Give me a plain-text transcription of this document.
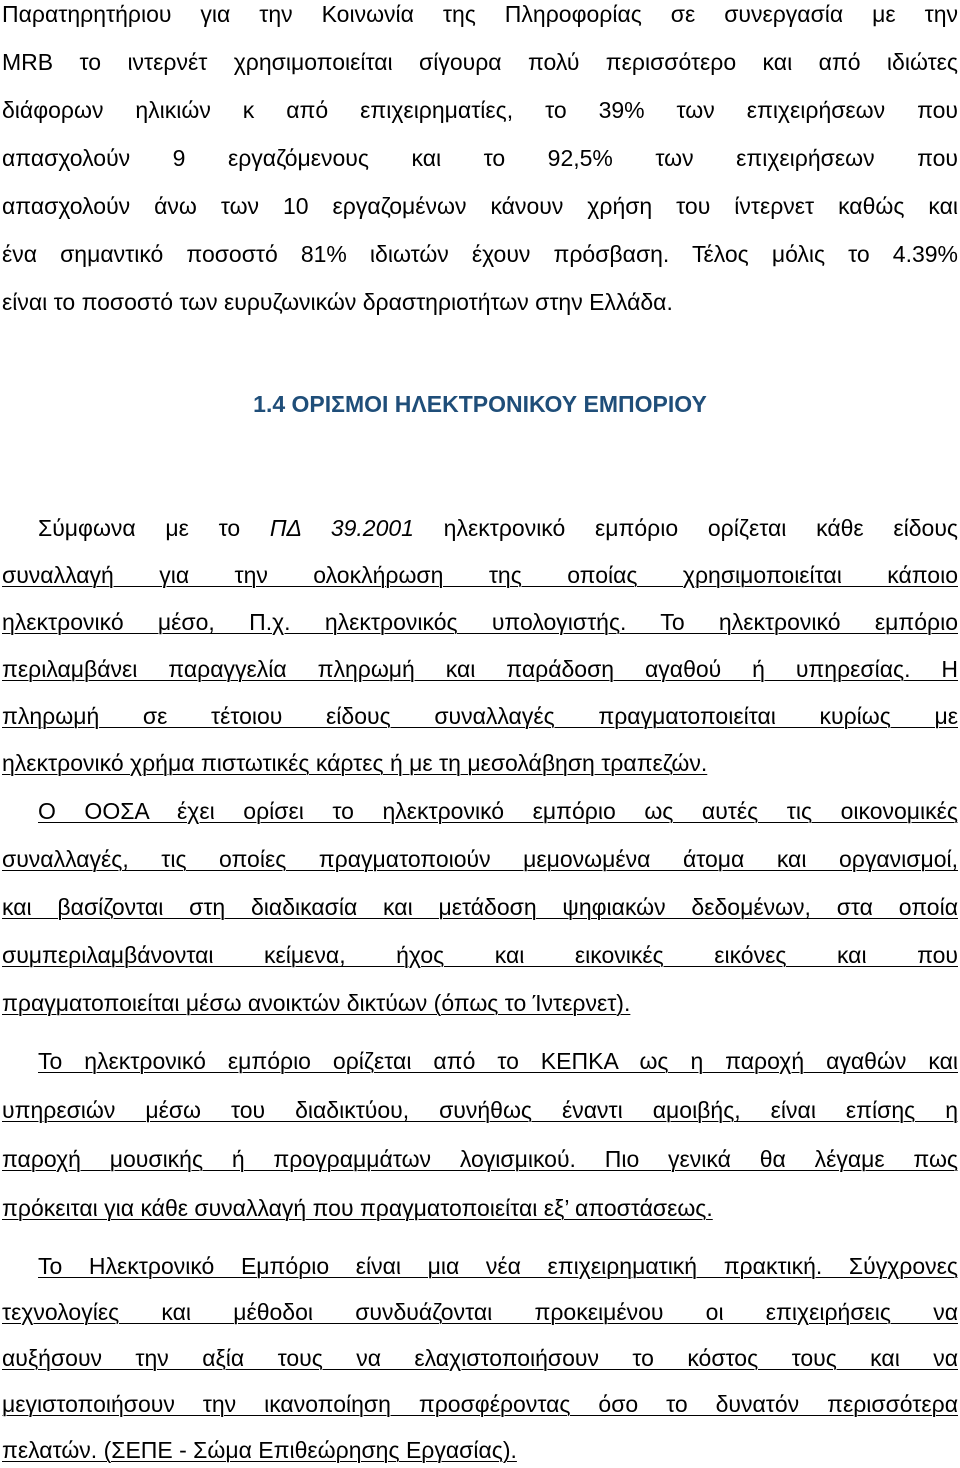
Παρατηρητήριου για την Κοινωνία της Πληροφορίας σε συνεργασία με την
MRB το ιντερνέτ χρησιμοποιείται σίγουρα πολύ περισσότερο και από ιδιώτες
διάφορων ηλικιών κ από επιχειρηματίες, το 39% των επιχειρήσεων που
απασχολούν 9 εργαζόμενους και το 92,5% των επιχειρήσεων που
απασχολούν άνω των 10 εργαζομένων κάνουν χρήση του ίντερνετ καθώς και
ένα σημαντικό ποσοστό 81% ιδιωτών έχουν πρόσβαση. Τέλος μόλις το 4.39%
είναι το ποσοστό των ευρυζωνικών δραστηριοτήτων στην Ελλάδα.
1.4 ΟΡΙΣΜΟΙ ΗΛΕΚΤΡΟΝΙΚΟΥ ΕΜΠΟΡΙΟΥ
Σύμφωνα με το ΠΔ 39.2001 ηλεκτρονικό εμπόριο ορίζεται κάθε είδους
συναλλαγή για την ολοκλήρωση της οποίας χρησιμοποιείται κάποιο
ηλεκτρονικό μέσο, Π.χ. ηλεκτρονικός υπολογιστής. Το ηλεκτρονικό εμπόριο
περιλαμβάνει παραγγελία πληρωμή και παράδοση αγαθού ή υπηρεσίας. Η
πληρωμή σε τέτοιου είδους συναλλαγές πραγματοποιείται κυρίως με
ηλεκτρονικό χρήμα πιστωτικές κάρτες ή με τη μεσολάβηση τραπεζών.
Ο ΟΟΣΑ έχει ορίσει το ηλεκτρονικό εμπόριο ως αυτές τις οικονομικές
συναλλαγές, τις οποίες πραγματοποιούν μεμονωμένα άτομα και οργανισμοί,
και βασίζονται στη διαδικασία και μετάδοση ψηφιακών δεδομένων, στα οποία
συμπεριλαμβάνονται κείμενα, ήχος και εικονικές εικόνες και που
πραγματοποιείται μέσω ανοικτών δικτύων (όπως το Ίντερνετ).
Το ηλεκτρονικό εμπόριο ορίζεται από το ΚΕΠΚΑ ως η παροχή αγαθών και
υπηρεσιών μέσω του διαδικτύου, συνήθως έναντι αμοιβής, είναι επίσης η
παροχή μουσικής ή προγραμμάτων λογισμικού. Πιο γενικά θα λέγαμε πως
πρόκειται για κάθε συναλλαγή που πραγματοποιείται εξ’ αποστάσεως.
Το Ηλεκτρονικό Εμπόριο είναι μια νέα επιχειρηματική πρακτική. Σύγχρονες
τεχνολογίες και μέθοδοι συνδυάζονται προκειμένου οι επιχειρήσεις να
αυξήσουν την αξία τους να ελαχιστοποιήσουν το κόστος τους και να
μεγιστοποιήσουν την ικανοποίηση προσφέροντας όσο το δυνατόν περισσότερα
πελατών. (ΣΕΠΕ - Σώμα Επιθεώρησης Εργασίας).
